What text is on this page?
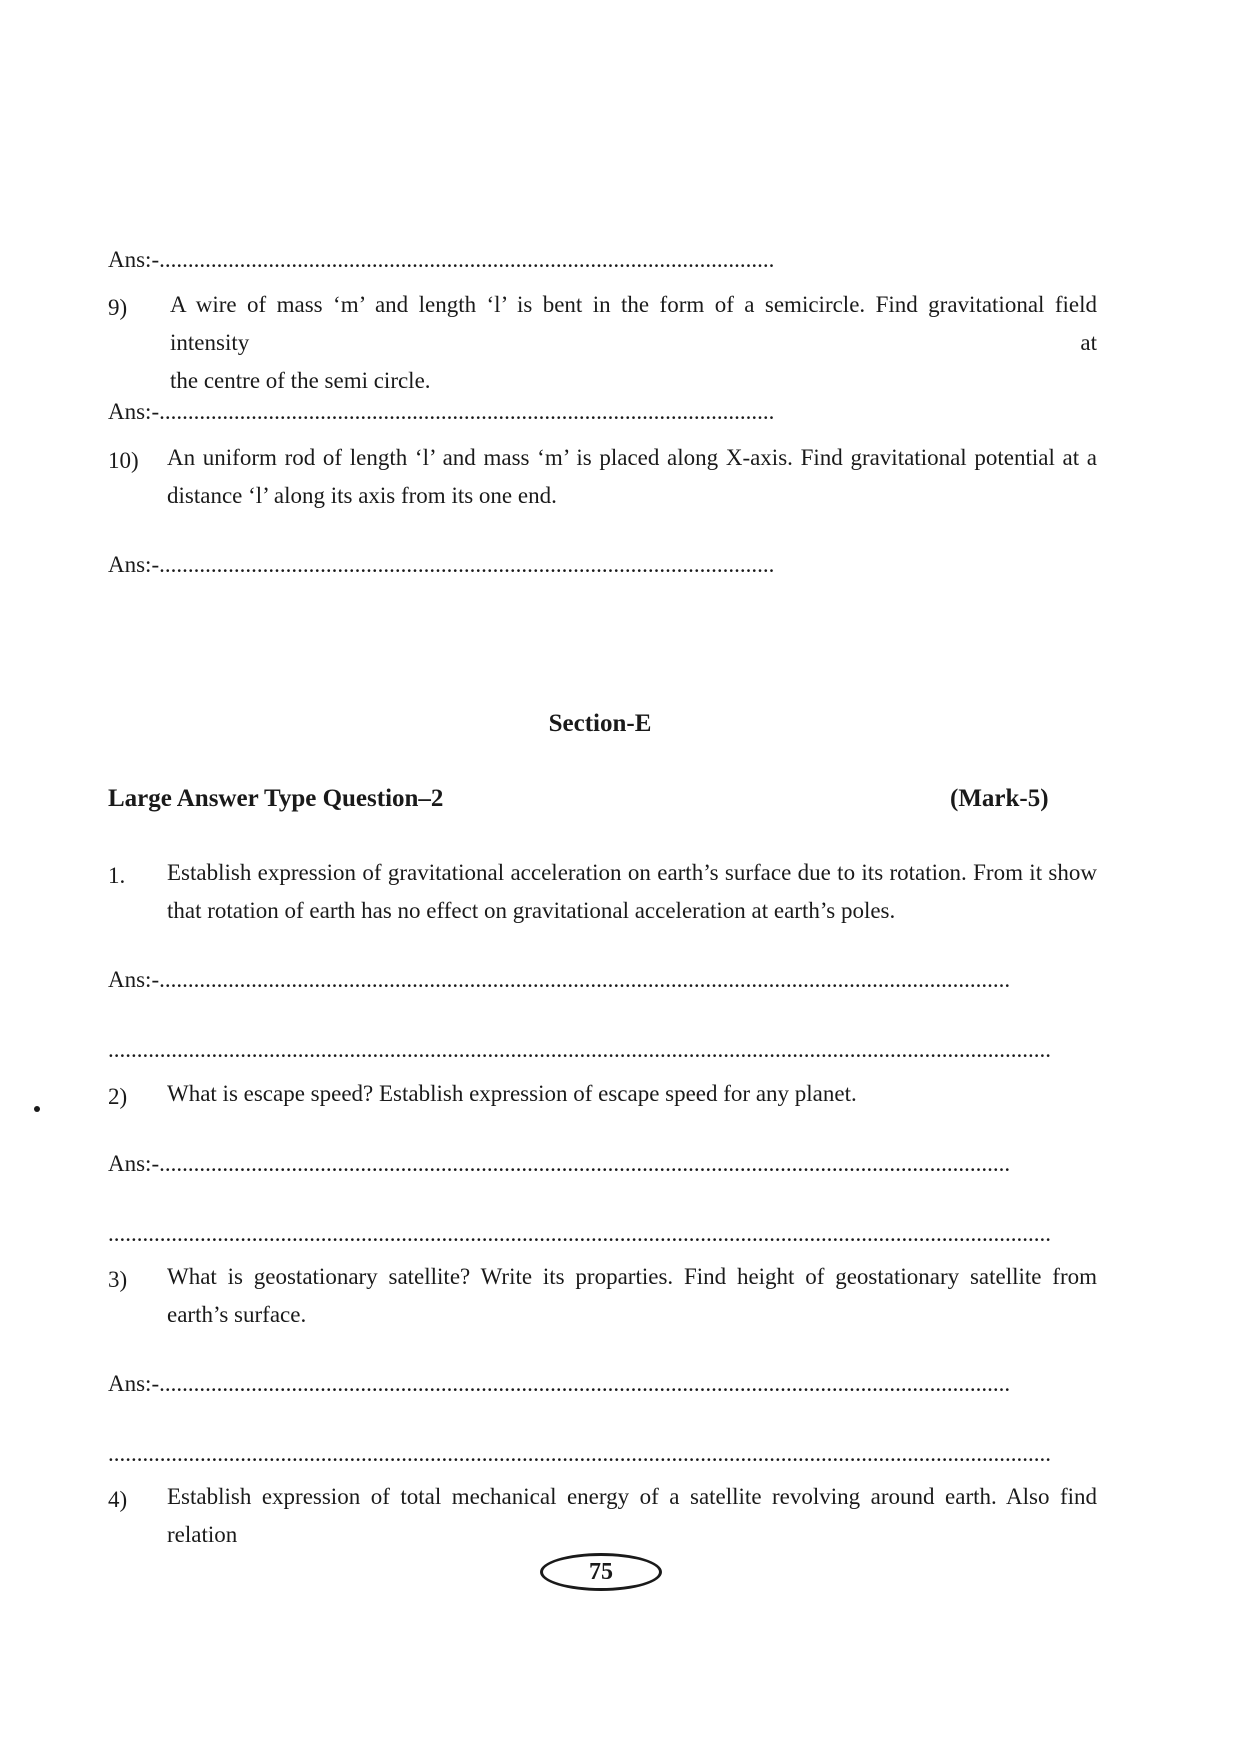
Ans:-...........................................................................................................
9) A wire of mass ‘m’ and length ‘l’ is bent in the form of a semicircle. Find gravitational field intensity at
the centre of the semi circle.
Ans:-...........................................................................................................
10) An uniform rod of length ‘l’ and mass ‘m’ is placed along X-axis. Find gravitational potential at a
distance ‘l’ along its axis from its one end.
Ans:-...........................................................................................................
Section-E
Large Answer Type Question–2	(Mark-5)
1. Establish expression of gravitational acceleration on earth’s surface due to its rotation. From it show
that rotation of earth has no effect on gravitational acceleration at earth’s poles.
Ans:-....................................................................................................................................................
....................................................................................................................................................................
2) What is escape speed? Establish expression of escape speed for any planet.
Ans:-....................................................................................................................................................
....................................................................................................................................................................
3) What is geostationary satellite? Write its proparties. Find height of geostationary satellite from
earth’s surface.
Ans:-....................................................................................................................................................
....................................................................................................................................................................
4) Establish expression of total mechanical energy of a satellite revolving around earth. Also find relation
75
